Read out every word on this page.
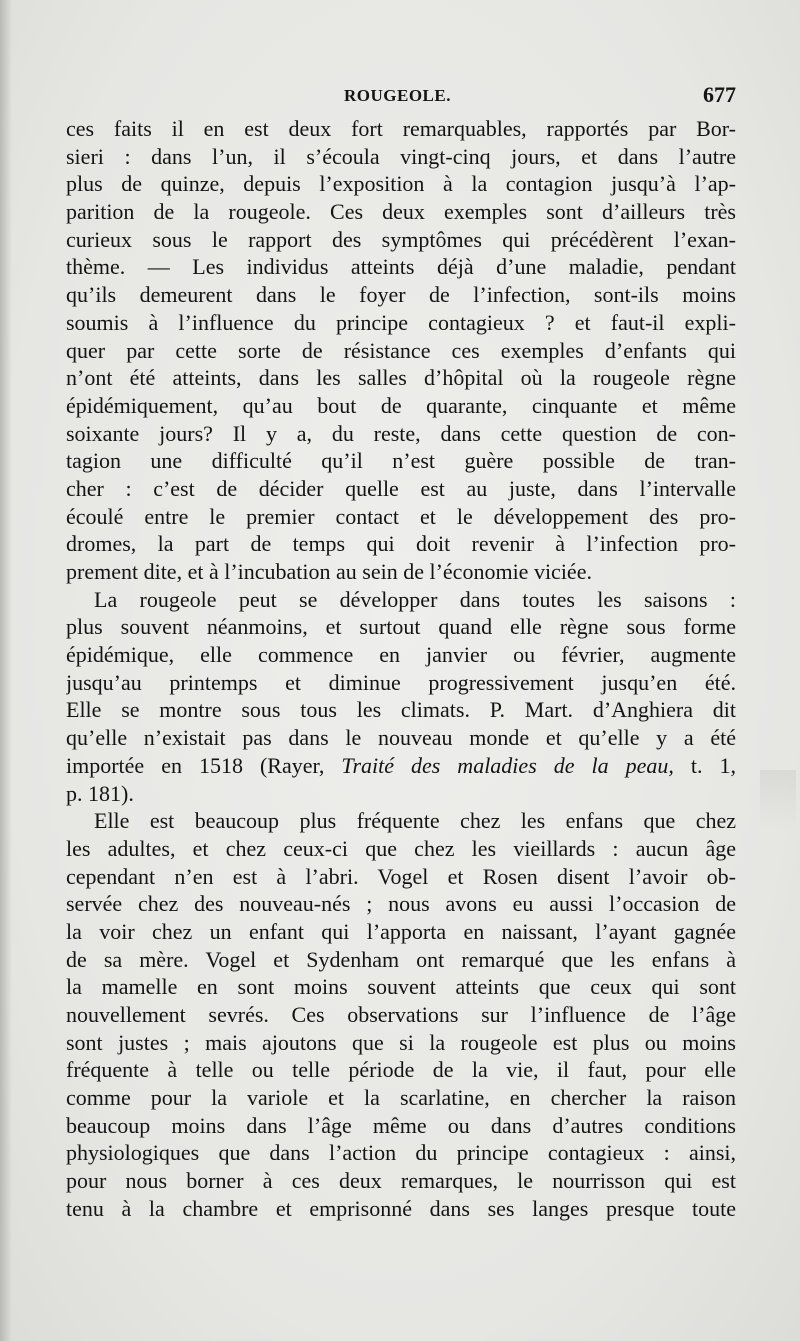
ROUGEOLE.	677
ces faits il en est deux fort remarquables, rapportés par Bor-
sieri : dans l’un, il s’écoula vingt-cinq jours, et dans l’autre
plus de quinze, depuis l’exposition à la contagion jusqu’à l’ap-
parition de la rougeole. Ces deux exemples sont d’ailleurs très
curieux sous le rapport des symptômes qui précédèrent l’exan-
thème. — Les individus atteints déjà d’une maladie, pendant
qu’ils demeurent dans le foyer de l’infection, sont-ils moins
soumis à l’influence du principe contagieux ? et faut-il expli-
quer par cette sorte de résistance ces exemples d’enfants qui
n’ont été atteints, dans les salles d’hôpital où la rougeole règne
épidémiquement, qu’au bout de quarante, cinquante et même
soixante jours? Il y a, du reste, dans cette question de con-
tagion une difficulté qu’il n’est guère possible de tran-
cher : c’est de décider quelle est au juste, dans l’intervalle
écoulé entre le premier contact et le développement des pro-
dromes, la part de temps qui doit revenir à l’infection pro-
prement dite, et à l’incubation au sein de l’économie viciée.
La rougeole peut se développer dans toutes les saisons :
plus souvent néanmoins, et surtout quand elle règne sous forme
épidémique, elle commence en janvier ou février, augmente
jusqu’au printemps et diminue progressivement jusqu’en été.
Elle se montre sous tous les climats. P. Mart. d’Anghiera dit
qu’elle n’existait pas dans le nouveau monde et qu’elle y a été
importée en 1518 (Rayer, Traité des maladies de la peau, t. 1,
p. 181).
Elle est beaucoup plus fréquente chez les enfans que chez
les adultes, et chez ceux-ci que chez les vieillards : aucun âge
cependant n’en est à l’abri. Vogel et Rosen disent l’avoir ob-
servée chez des nouveau-nés ; nous avons eu aussi l’occasion de
la voir chez un enfant qui l’apporta en naissant, l’ayant gagnée
de sa mère. Vogel et Sydenham ont remarqué que les enfans à
la mamelle en sont moins souvent atteints que ceux qui sont
nouvellement sevrés. Ces observations sur l’influence de l’âge
sont justes ; mais ajoutons que si la rougeole est plus ou moins
fréquente à telle ou telle période de la vie, il faut, pour elle
comme pour la variole et la scarlatine, en chercher la raison
beaucoup moins dans l’âge même ou dans d’autres conditions
physiologiques que dans l’action du principe contagieux : ainsi,
pour nous borner à ces deux remarques, le nourrisson qui est
tenu à la chambre et emprisonné dans ses langes presque toute
